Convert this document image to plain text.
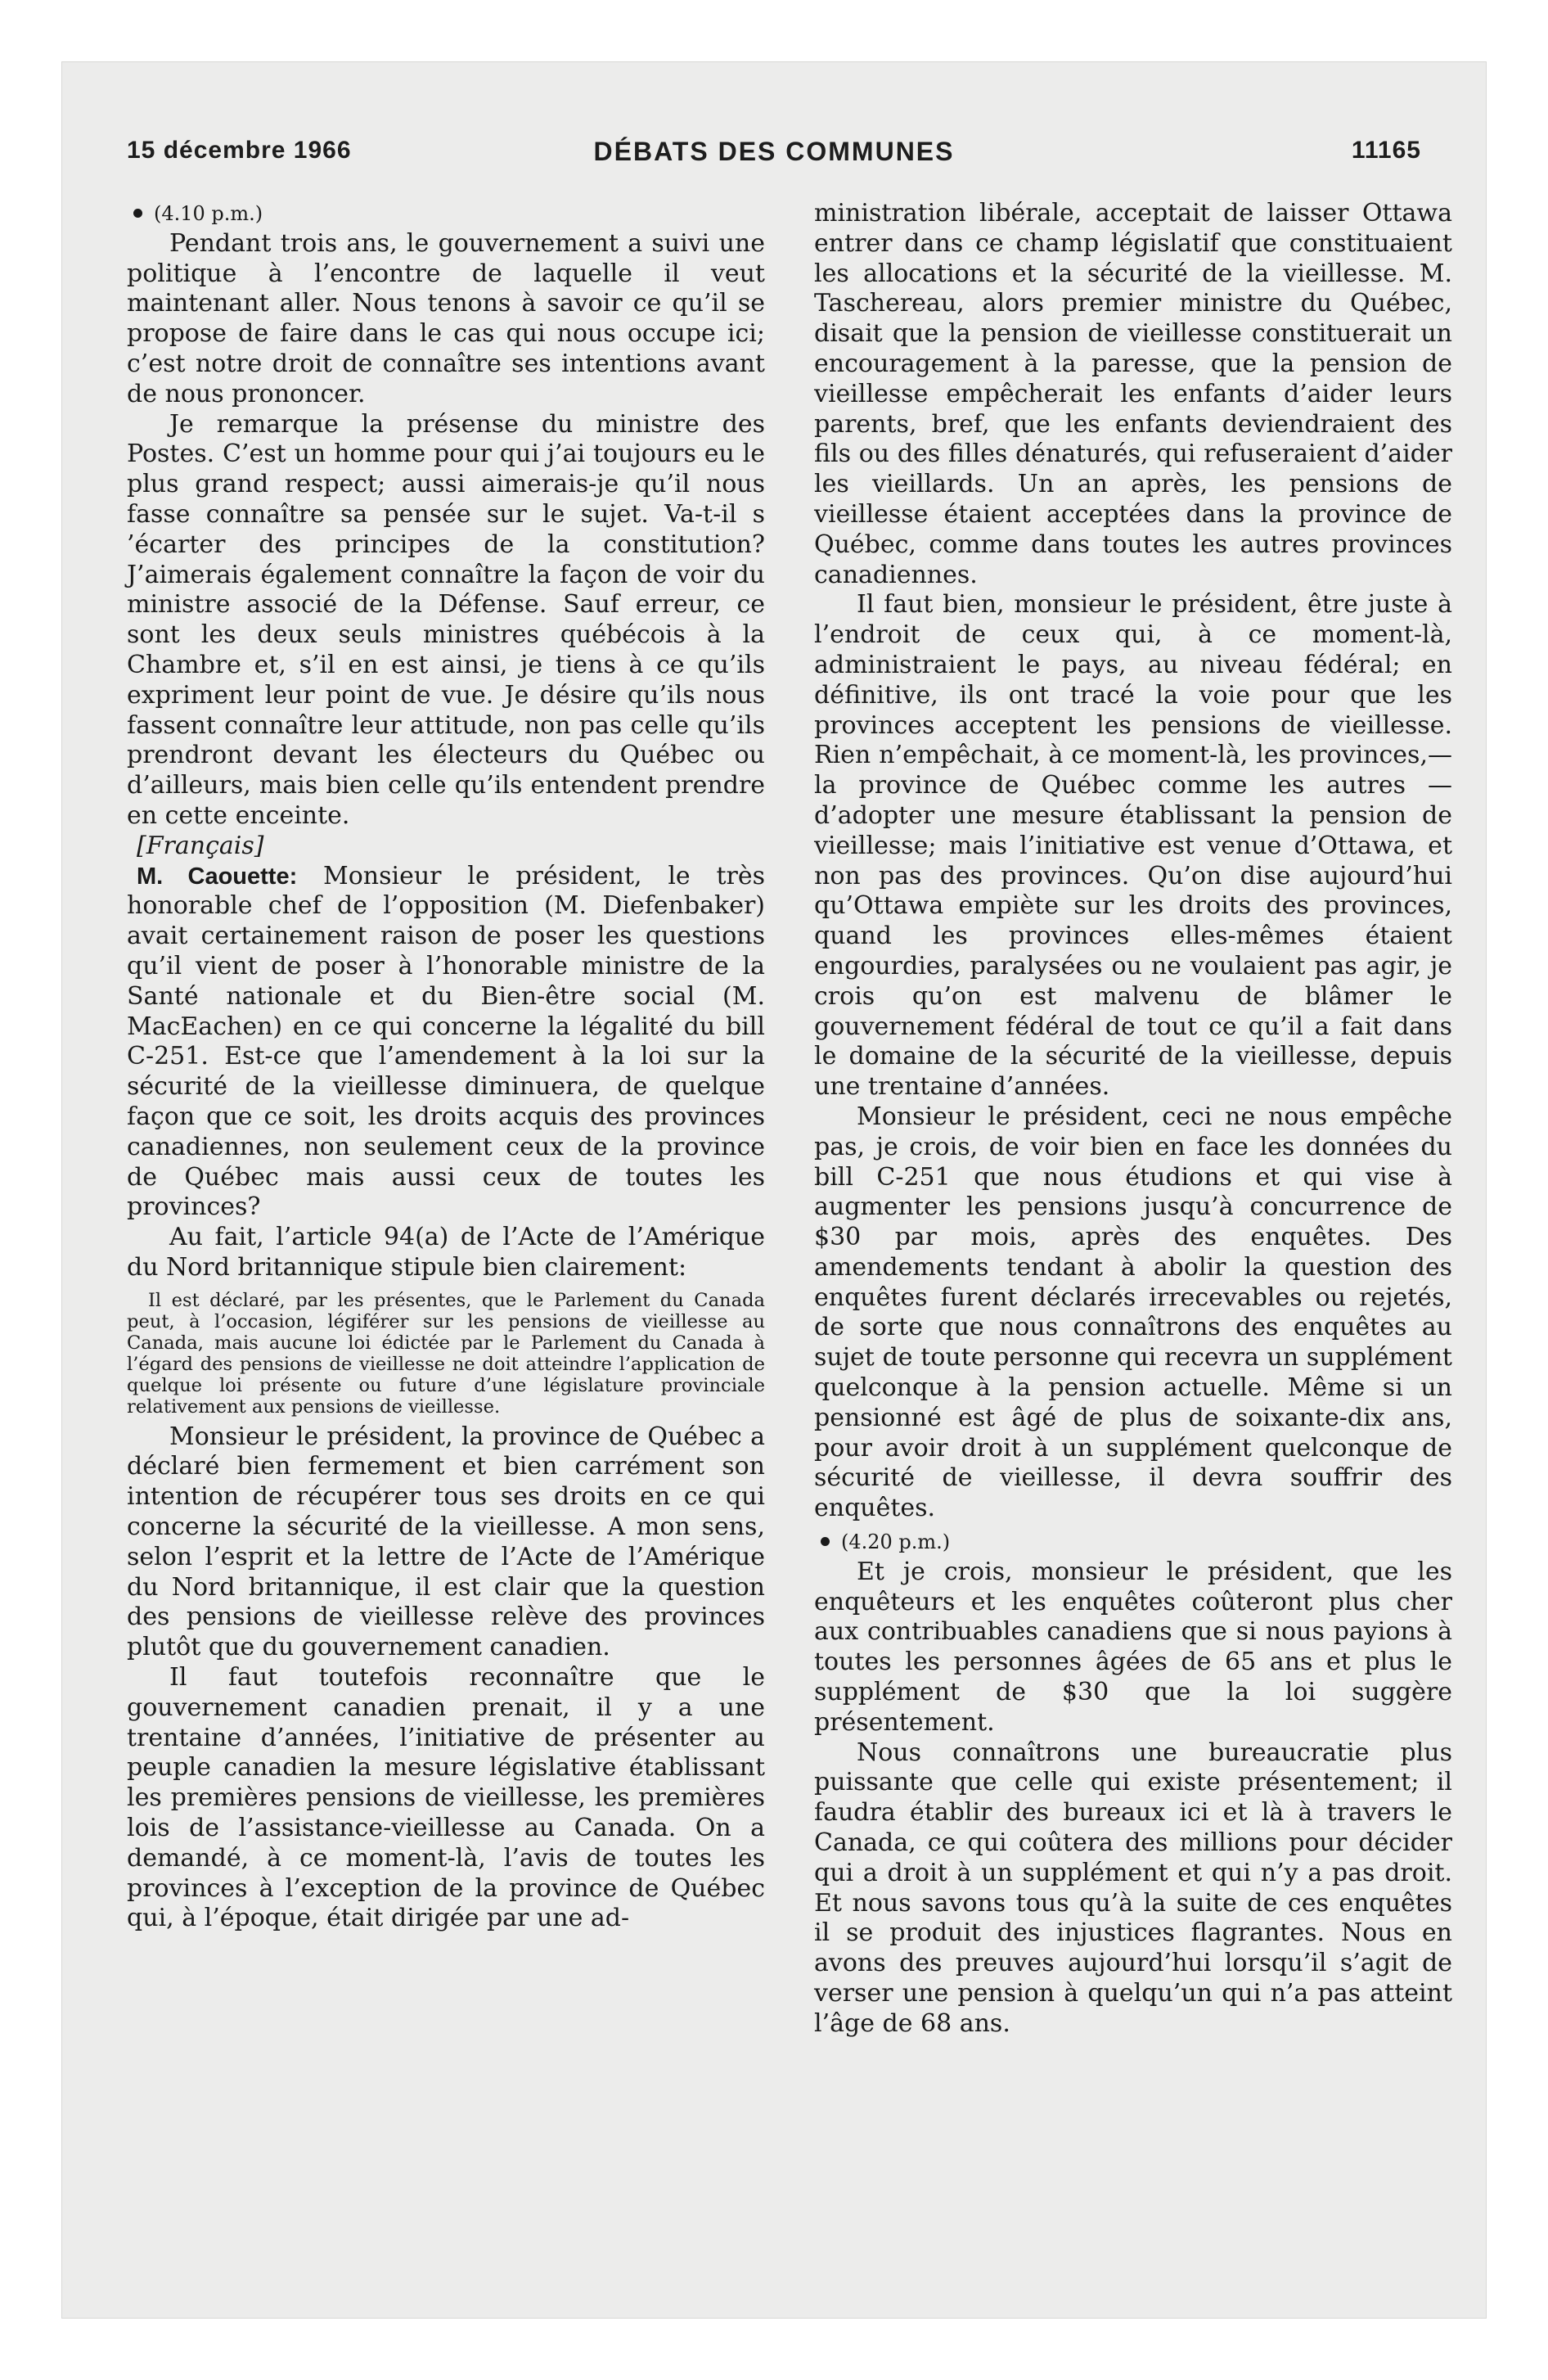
15 décembre 1966	DÉBATS DES COMMUNES	11165

(4.10 p.m.)

Pendant trois ans, le gouvernement a suivi une politique à l’encontre de laquelle il veut maintenant aller. Nous tenons à savoir ce qu’il se propose de faire dans le cas qui nous occupe ici; c’est notre droit de connaître ses intentions avant de nous prononcer.

Je remarque la présense du ministre des Postes. C’est un homme pour qui j’ai toujours eu le plus grand respect; aussi aimerais-je qu’il nous fasse connaître sa pensée sur le sujet. Va-t-il s ’écarter des principes de la constitution? J’aimerais également connaître la façon de voir du ministre associé de la Défense. Sauf erreur, ce sont les deux seuls ministres québécois à la Chambre et, s’il en est ainsi, je tiens à ce qu’ils expriment leur point de vue. Je désire qu’ils nous fassent connaître leur attitude, non pas celle qu’ils prendront devant les électeurs du Québec ou d’ailleurs, mais bien celle qu’ils entendent prendre en cette enceinte.

[Français]

M. Caouette: Monsieur le président, le très honorable chef de l’opposition (M. Diefenbaker) avait certainement raison de poser les questions qu’il vient de poser à l’honorable ministre de la Santé nationale et du Bien-être social (M. MacEachen) en ce qui concerne la légalité du bill C-251. Est-ce que l’amendement à la loi sur la sécurité de la vieillesse diminuera, de quelque façon que ce soit, les droits acquis des provinces canadiennes, non seulement ceux de la province de Québec mais aussi ceux de toutes les provinces?

Au fait, l’article 94(a) de l’Acte de l’Amérique du Nord britannique stipule bien clairement:

Il est déclaré, par les présentes, que le Parlement du Canada peut, à l’occasion, légiférer sur les pensions de vieillesse au Canada, mais aucune loi édictée par le Parlement du Canada à l’égard des pensions de vieillesse ne doit atteindre l’application de quelque loi présente ou future d’une législature provinciale relativement aux pensions de vieillesse.

Monsieur le président, la province de Québec a déclaré bien fermement et bien carrément son intention de récupérer tous ses droits en ce qui concerne la sécurité de la vieillesse. A mon sens, selon l’esprit et la lettre de l’Acte de l’Amérique du Nord britannique, il est clair que la question des pensions de vieillesse relève des provinces plutôt que du gouvernement canadien.

Il faut toutefois reconnaître que le gouvernement canadien prenait, il y a une trentaine d’années, l’initiative de présenter au peuple canadien la mesure législative établissant les premières pensions de vieillesse, les premières lois de l’assistance-vieillesse au Canada. On a demandé, à ce moment-là, l’avis de toutes les provinces à l’exception de la province de Québec qui, à l’époque, était dirigée par une ad-

ministration libérale, acceptait de laisser Ottawa entrer dans ce champ législatif que constituaient les allocations et la sécurité de la vieillesse. M. Taschereau, alors premier ministre du Québec, disait que la pension de vieillesse constituerait un encouragement à la paresse, que la pension de vieillesse empêcherait les enfants d’aider leurs parents, bref, que les enfants deviendraient des fils ou des filles dénaturés, qui refuseraient d’aider les vieillards. Un an après, les pensions de vieillesse étaient acceptées dans la province de Québec, comme dans toutes les autres provinces canadiennes.

Il faut bien, monsieur le président, être juste à l’endroit de ceux qui, à ce moment-là, administraient le pays, au niveau fédéral; en définitive, ils ont tracé la voie pour que les provinces acceptent les pensions de vieillesse. Rien n’empêchait, à ce moment-là, les provinces,—la province de Québec comme les autres —d’adopter une mesure établissant la pension de vieillesse; mais l’initiative est venue d’Ottawa, et non pas des provinces. Qu’on dise aujourd’hui qu’Ottawa empiète sur les droits des provinces, quand les provinces elles-mêmes étaient engourdies, paralysées ou ne voulaient pas agir, je crois qu’on est malvenu de blâmer le gouvernement fédéral de tout ce qu’il a fait dans le domaine de la sécurité de la vieillesse, depuis une trentaine d’années.

Monsieur le président, ceci ne nous empêche pas, je crois, de voir bien en face les données du bill C-251 que nous étudions et qui vise à augmenter les pensions jusqu’à concurrence de $30 par mois, après des enquêtes. Des amendements tendant à abolir la question des enquêtes furent déclarés irrecevables ou rejetés, de sorte que nous connaîtrons des enquêtes au sujet de toute personne qui recevra un supplément quelconque à la pension actuelle. Même si un pensionné est âgé de plus de soixante-dix ans, pour avoir droit à un supplément quelconque de sécurité de vieillesse, il devra souffrir des enquêtes.

(4.20 p.m.)

Et je crois, monsieur le président, que les enquêteurs et les enquêtes coûteront plus cher aux contribuables canadiens que si nous payions à toutes les personnes âgées de 65 ans et plus le supplément de $30 que la loi suggère présentement.

Nous connaîtrons une bureaucratie plus puissante que celle qui existe présentement; il faudra établir des bureaux ici et là à travers le Canada, ce qui coûtera des millions pour décider qui a droit à un supplément et qui n’y a pas droit. Et nous savons tous qu’à la suite de ces enquêtes il se produit des injustices flagrantes. Nous en avons des preuves aujourd’hui lorsqu’il s’agit de verser une pension à quelqu’un qui n’a pas atteint l’âge de 68 ans.
